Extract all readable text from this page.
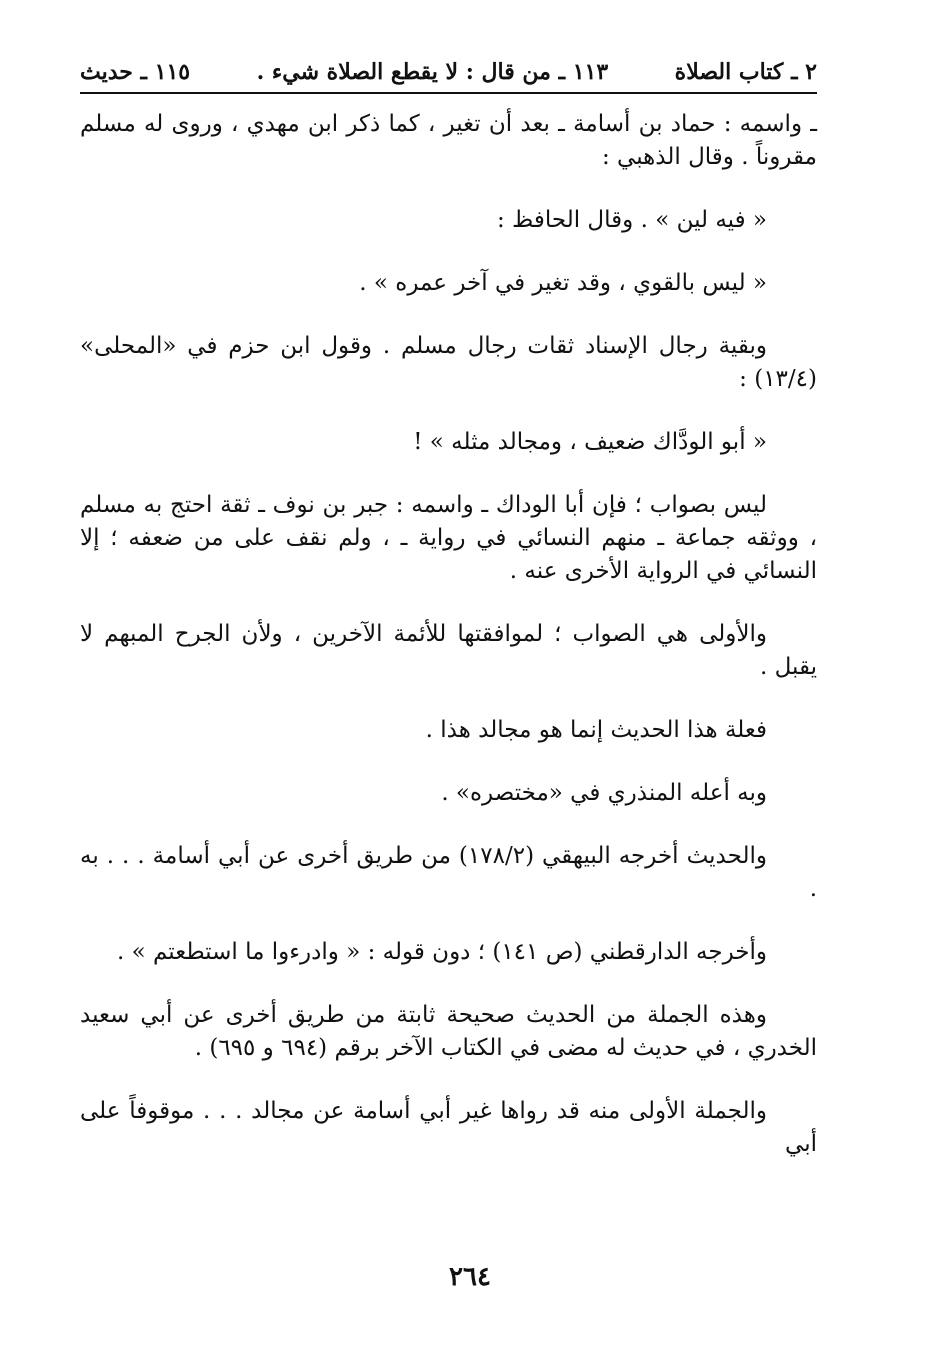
٢ ـ كتاب الصلاة
١١٣ ـ من قال : لا يقطع الصلاة شيء .
١١٥ ـ حديث

ـ واسمه : حماد بن أسامة ـ بعد أن تغير ، كما ذكر ابن مهدي ، وروى له مسلم مقروناً . وقال الذهبي :

« فيه لين » . وقال الحافظ :

« ليس بالقوي ، وقد تغير في آخر عمره » .

وبقية رجال الإسناد ثقات رجال مسلم . وقول ابن حزم في «المحلى» (١٣/٤) :

« أبو الودَّاك ضعيف ، ومجالد مثله » !

ليس بصواب ؛ فإن أبا الوداك ـ واسمه : جبر بن نوف ـ ثقة احتج به مسلم ، ووثقه جماعة ـ منهم النسائي في رواية ـ ، ولم نقف على من ضعفه ؛ إلا النسائي في الرواية الأخرى عنه .

والأولى هي الصواب ؛ لموافقتها للأئمة الآخرين ، ولأن الجرح المبهم لا يقبل .

فعلة هذا الحديث إنما هو مجالد هذا .

وبه أعله المنذري في «مختصره» .

والحديث أخرجه البيهقي (١٧٨/٢) من طريق أخرى عن أبي أسامة . . . به .

وأخرجه الدارقطني (ص ١٤١) ؛ دون قوله : « وادرءوا ما استطعتم » .

وهذه الجملة من الحديث صحيحة ثابتة من طريق أخرى عن أبي سعيد الخدري ، في حديث له مضى في الكتاب الآخر برقم (٦٩٤ و ٦٩٥) .

والجملة الأولى منه قد رواها غير أبي أسامة عن مجالد . . . موقوفاً على أبي

٢٦٤
